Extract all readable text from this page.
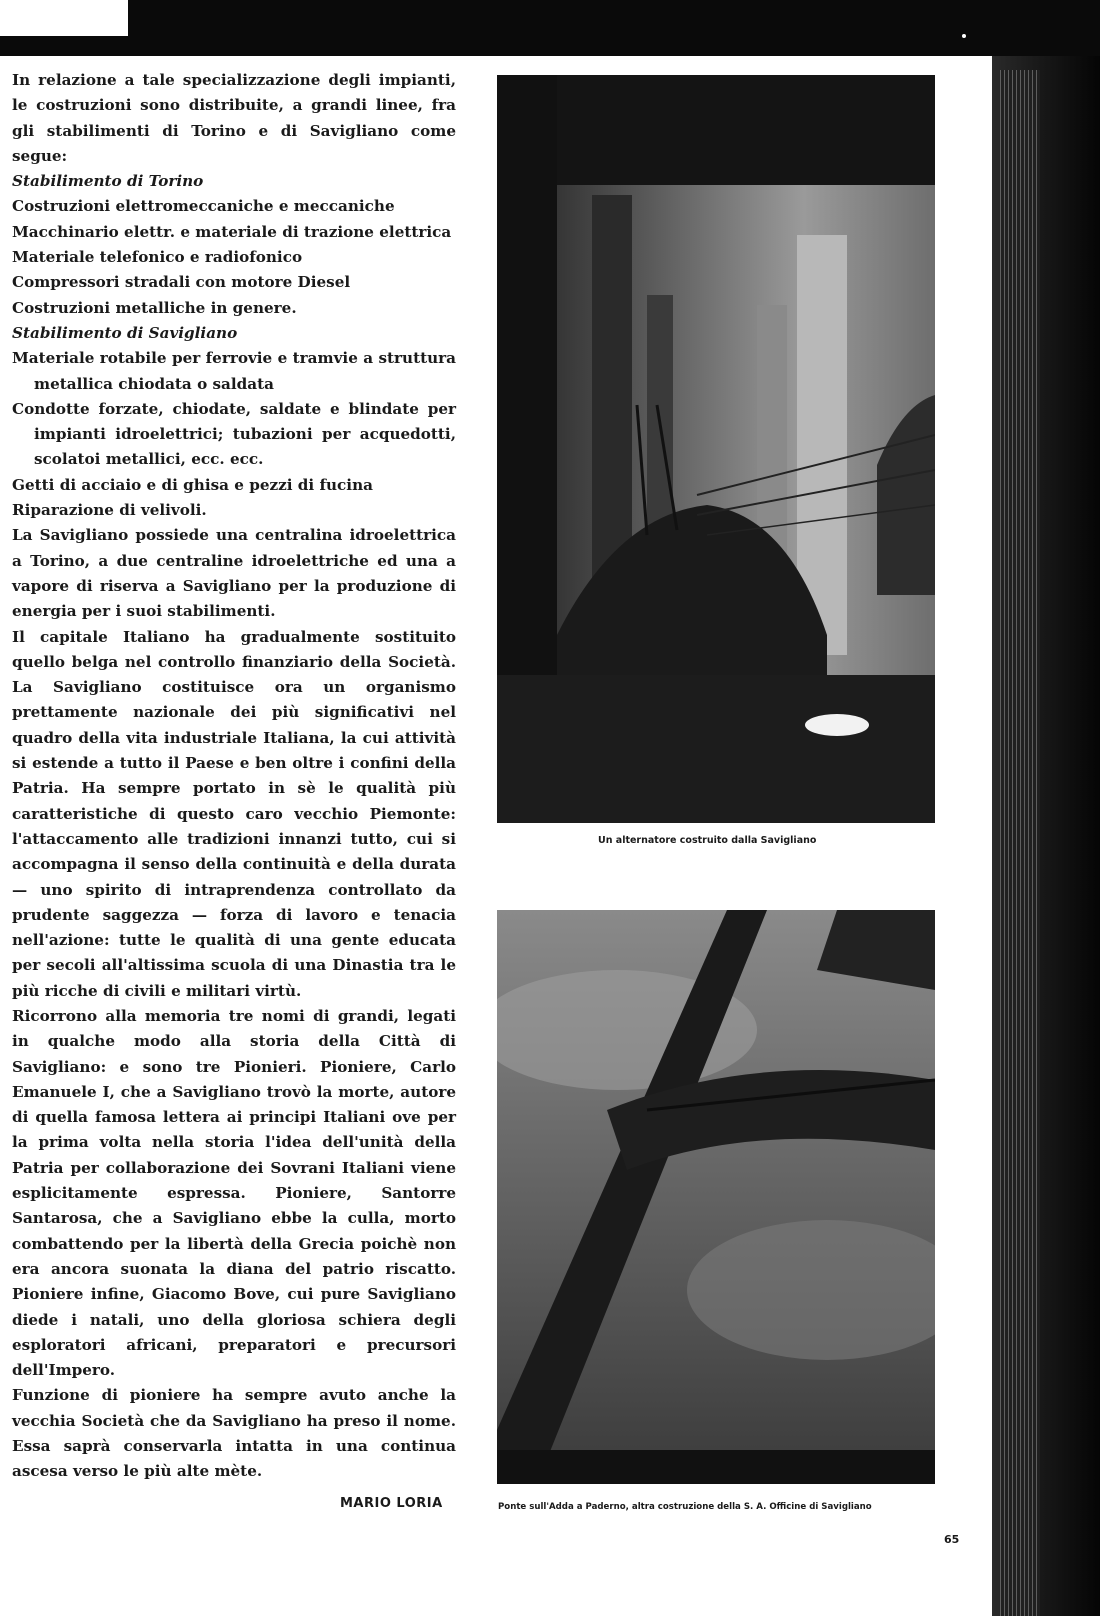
In relazione a tale specializzazione degli impianti, le costruzioni sono distribuite, a grandi linee, fra gli stabilimenti di Torino e di Savigliano come segue:

Stabilimento di Torino

Costruzioni elettromeccaniche e meccaniche

Macchinario elettr. e materiale di trazione elettrica

Materiale telefonico e radiofonico

Compressori stradali con motore Diesel

Costruzioni metalliche in genere.

Stabilimento di Savigliano

Materiale rotabile per ferrovie e tramvie a struttura metallica chiodata o saldata

Condotte forzate, chiodate, saldate e blindate per impianti idroelettrici; tubazioni per acquedotti, scolatoi metallici, ecc. ecc.

Getti di acciaio e di ghisa e pezzi di fucina

Riparazione di velivoli.

La Savigliano possiede una centralina idroelettrica a Torino, a due centraline idroelettriche ed una a vapore di riserva a Savigliano per la produzione di energia per i suoi stabilimenti.

Il capitale Italiano ha gradualmente sostituito quello belga nel controllo finanziario della Società. La Savigliano costituisce ora un organismo prettamente nazionale dei più significativi nel quadro della vita industriale Italiana, la cui attività si estende a tutto il Paese e ben oltre i confini della Patria. Ha sempre portato in sè le qualità più caratteristiche di questo caro vecchio Piemonte: l'attaccamento alle tradizioni innanzi tutto, cui si accompagna il senso della continuità e della durata — uno spirito di intraprendenza controllato da prudente saggezza — forza di lavoro e tenacia nell'azione: tutte le qualità di una gente educata per secoli all'altissima scuola di una Dinastia tra le più ricche di civili e militari virtù.

Ricorrono alla memoria tre nomi di grandi, legati in qualche modo alla storia della Città di Savigliano: e sono tre Pionieri. Pioniere, Carlo Emanuele I, che a Savigliano trovò la morte, autore di quella famosa lettera ai principi Italiani ove per la prima volta nella storia l'idea dell'unità della Patria per collaborazione dei Sovrani Italiani viene esplicitamente espressa. Pioniere, Santorre Santarosa, che a Savigliano ebbe la culla, morto combattendo per la libertà della Grecia poichè non era ancora suonata la diana del patrio riscatto. Pioniere infine, Giacomo Bove, cui pure Savigliano diede i natali, uno della gloriosa schiera degli esploratori africani, preparatori e precursori dell'Impero.

Funzione di pioniere ha sempre avuto anche la vecchia Società che da Savigliano ha preso il nome. Essa saprà conservarla intatta in una continua ascesa verso le più alte mète.

MARIO LORIA
Un alternatore costruito dalla Savigliano
Ponte sull'Adda a Paderno, altra costruzione della S. A. Officine di Savigliano
65
